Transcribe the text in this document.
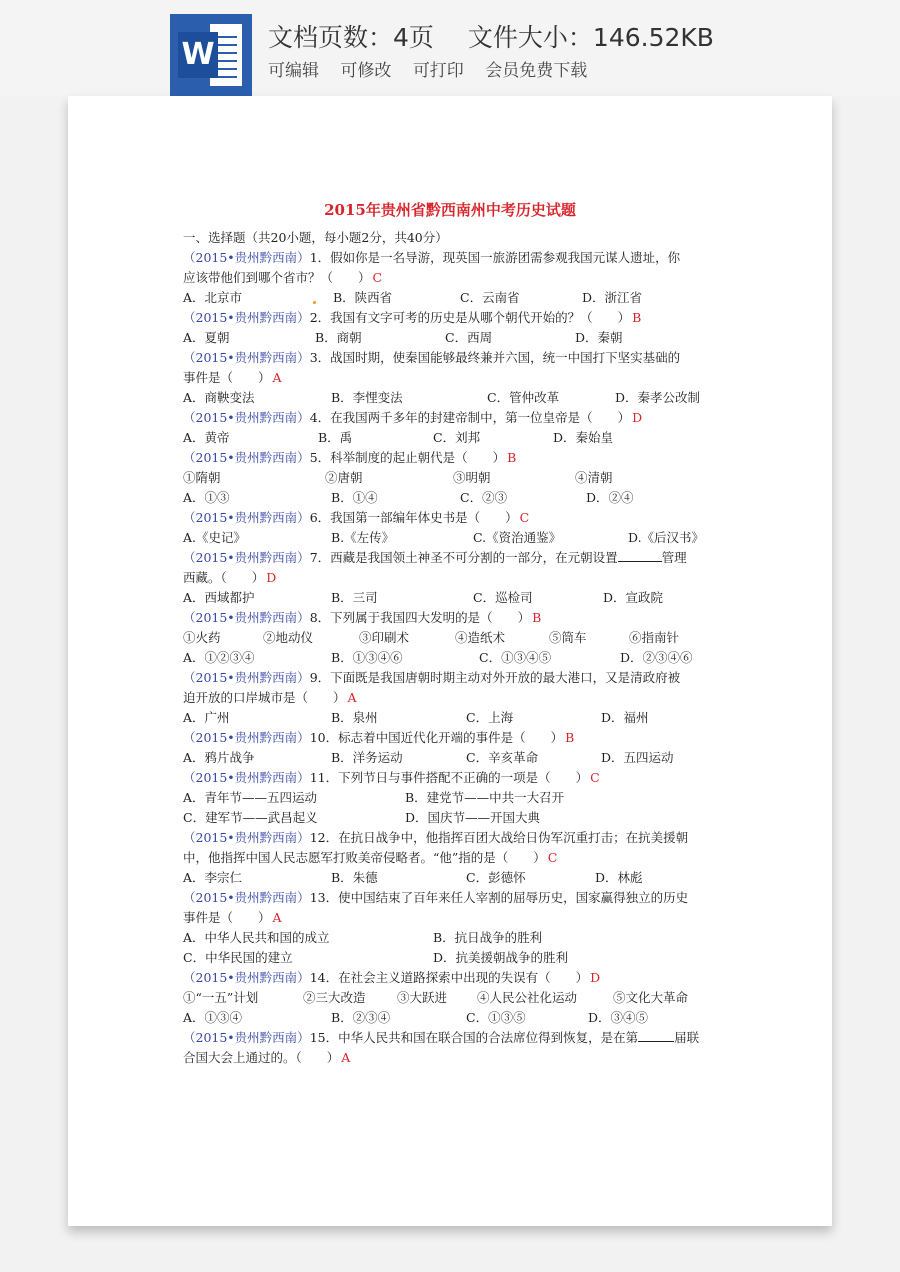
W 文档页数：4页 文件大小：146.52KB
可编辑 可修改 可打印 会员免费下载
2015年贵州省黔西南州中考历史试题
一、选择题（共20小题，每小题2分，共40分）
（2015•贵州黔西南）1．假如你是一名导游，现英国一旅游团需参观我国元谋人遗址，你
应该带他们到哪个省市？（　　） C
A．北京市	B．陕西省	C．云南省	D．浙江省
（2015•贵州黔西南）2．我国有文字可考的历史是从哪个朝代开始的？（　　） B
A．夏朝	B．商朝	C．西周	D．秦朝
（2015•贵州黔西南）3．战国时期，使秦国能够最终兼并六国，统一中国打下坚实基础的
事件是（　　） A
A．商鞅变法	B．李悝变法	C．管仲改革	D．秦孝公改制
（2015•贵州黔西南）4．在我国两千多年的封建帝制中，第一位皇帝是（　　） D
A．黄帝	B．禹	C．刘邦	D．秦始皇
（2015•贵州黔西南）5．科举制度的起止朝代是（　　） B
①隋朝	②唐朝	③明朝	④清朝
A．①③	B．①④	C．②③	D．②④
（2015•贵州黔西南）6．我国第一部编年体史书是（　　） C
A.《史记》	B.《左传》	C.《资治通鉴》	D.《后汉书》
（2015•贵州黔西南）7．西藏是我国领土神圣不可分割的一部分，在元朝设置	管理
西藏。（　　） D
A．西域都护	B．三司	C．巡检司	D．宣政院
（2015•贵州黔西南）8．下列属于我国四大发明的是（　　） B
①火药	②地动仪	③印刷术	④造纸术	⑤筒车	⑥指南针
A．①②③④	B．①③④⑥	C．①③④⑤	D．②③④⑥
（2015•贵州黔西南）9．下面既是我国唐朝时期主动对外开放的最大港口，又是清政府被
迫开放的口岸城市是（　　） A
A．广州	B．泉州	C．上海	D．福州
（2015•贵州黔西南）10．标志着中国近代化开端的事件是（　　） B
A．鸦片战争	B．洋务运动	C．辛亥革命	D．五四运动
（2015•贵州黔西南）11．下列节日与事件搭配不正确的一项是（　　） C
A．青年节——五四运动	B．建党节——中共一大召开
C．建军节——武昌起义	D．国庆节——开国大典
（2015•贵州黔西南）12．在抗日战争中，他指挥百团大战给日伪军沉重打击；在抗美援朝
中，他指挥中国人民志愿军打败美帝侵略者。“他”指的是（　　） C
A．李宗仁	B．朱德	C．彭德怀	D．林彪
（2015•贵州黔西南）13．使中国结束了百年来任人宰割的屈辱历史，国家赢得独立的历史
事件是（　　） A
A．中华人民共和国的成立	B．抗日战争的胜利
C．中华民国的建立	D．抗美援朝战争的胜利
（2015•贵州黔西南）14．在社会主义道路探索中出现的失误有（　　） D
①“一五”计划	②三大改造	③大跃进 ④人民公社化运动	⑤文化大革命
A．①③④	B．②③④	C．①③⑤	D．③④⑤
（2015•贵州黔西南）15．中华人民共和国在联合国的合法席位得到恢复，是在第	届联
合国大会上通过的。（　　） A
